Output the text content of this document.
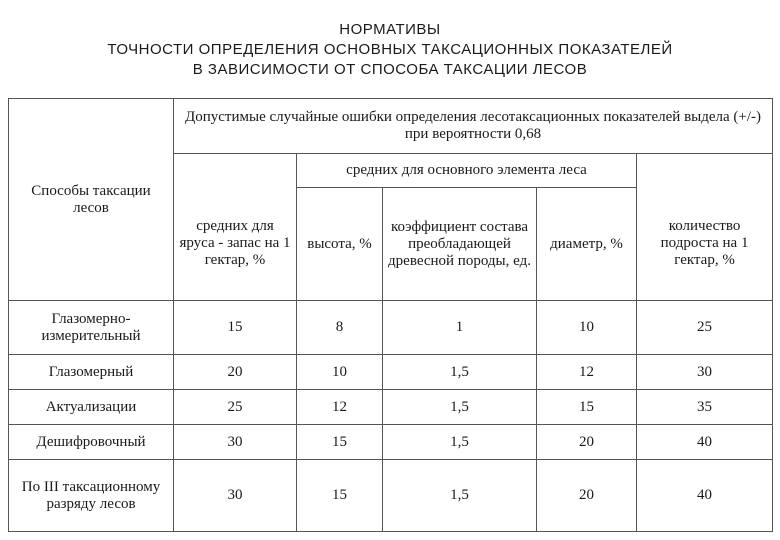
НОРМАТИВЫ
ТОЧНОСТИ ОПРЕДЕЛЕНИЯ ОСНОВНЫХ ТАКСАЦИОННЫХ ПОКАЗАТЕЛЕЙ
В ЗАВИСИМОСТИ ОТ СПОСОБА ТАКСАЦИИ ЛЕСОВ
Способы таксации лесов	Допустимые случайные ошибки определения лесотаксационных показателей выдела (+/-) при вероятности 0,68				
		средних для основного элемента леса			
	средних для яруса - запас на 1 гектар, %	высота, %	коэффициент состава преобладающей древесной породы, ед.	диаметр, %	количество подроста на 1 гектар, %
Глазомерно-измерительный	15	8	1	10	25
Глазомерный	20	10	1,5	12	30
Актуализации	25	12	1,5	15	35
Дешифровочный	30	15	1,5	20	40
По III таксационному разряду лесов	30	15	1,5	20	40
